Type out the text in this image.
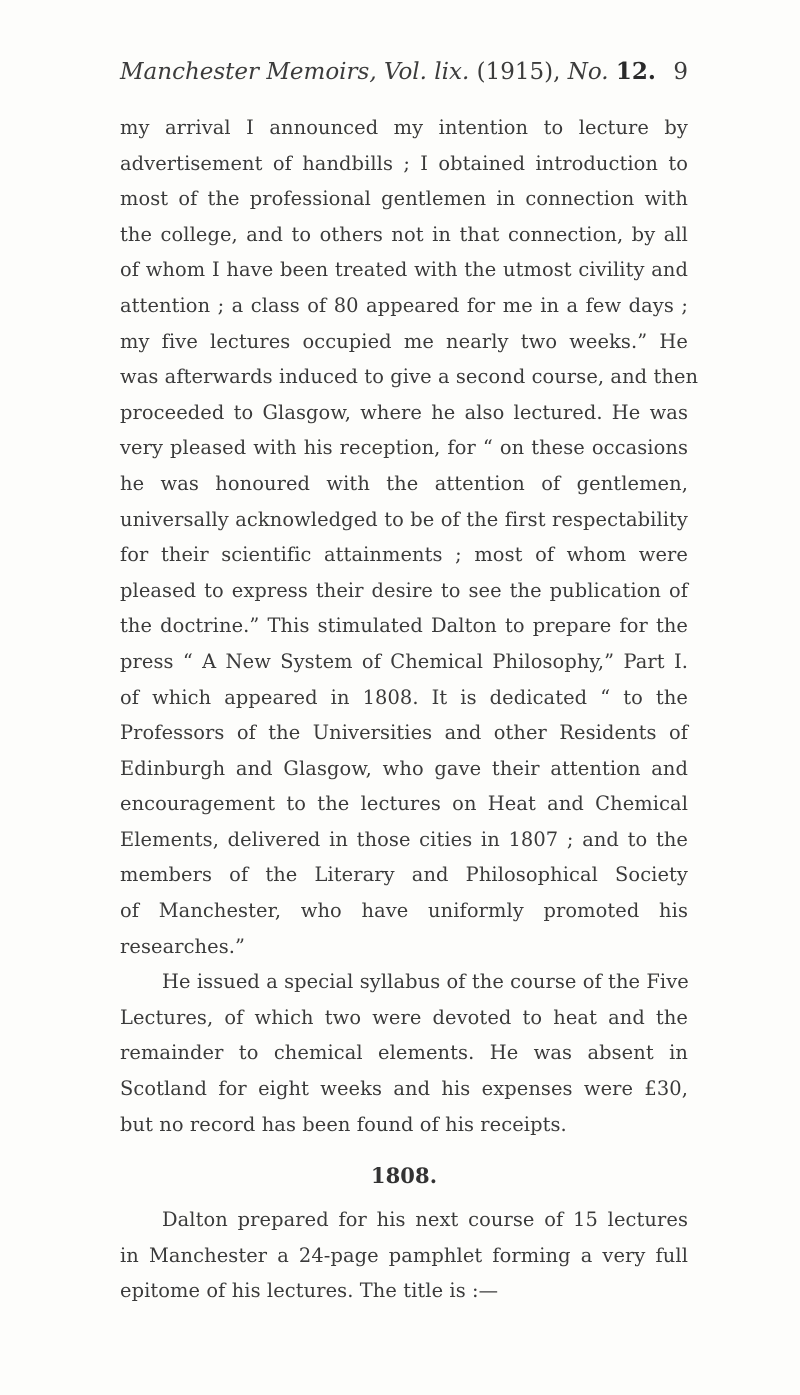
Manchester Memoirs, Vol. lix. (1915), No. 12. 9
my arrival I announced my intention to lecture by
advertisement of handbills ; I obtained introduction to
most of the professional gentlemen in connection with
the college, and to others not in that connection, by all
of whom I have been treated with the utmost civility and
attention ; a class of 80 appeared for me in a few days ;
my five lectures occupied me nearly two weeks.” He
was afterwards induced to give a second course, and then
proceeded to Glasgow, where he also lectured. He was
very pleased with his reception, for “ on these occasions
he was honoured with the attention of gentlemen,
universally acknowledged to be of the first respectability
for their scientific attainments ; most of whom were
pleased to express their desire to see the publication of
the doctrine.” This stimulated Dalton to prepare for the
press “ A New System of Chemical Philosophy,” Part I.
of which appeared in 1808. It is dedicated “ to the
Professors of the Universities and other Residents of
Edinburgh and Glasgow, who gave their attention and
encouragement to the lectures on Heat and Chemical
Elements, delivered in those cities in 1807 ; and to the
members of the Literary and Philosophical Society
of Manchester, who have uniformly promoted his
researches.”
He issued a special syllabus of the course of the Five
Lectures, of which two were devoted to heat and the
remainder to chemical elements. He was absent in
Scotland for eight weeks and his expenses were £30,
but no record has been found of his receipts.
1808.
Dalton prepared for his next course of 15 lectures
in Manchester a 24-page pamphlet forming a very full
epitome of his lectures. The title is :—
